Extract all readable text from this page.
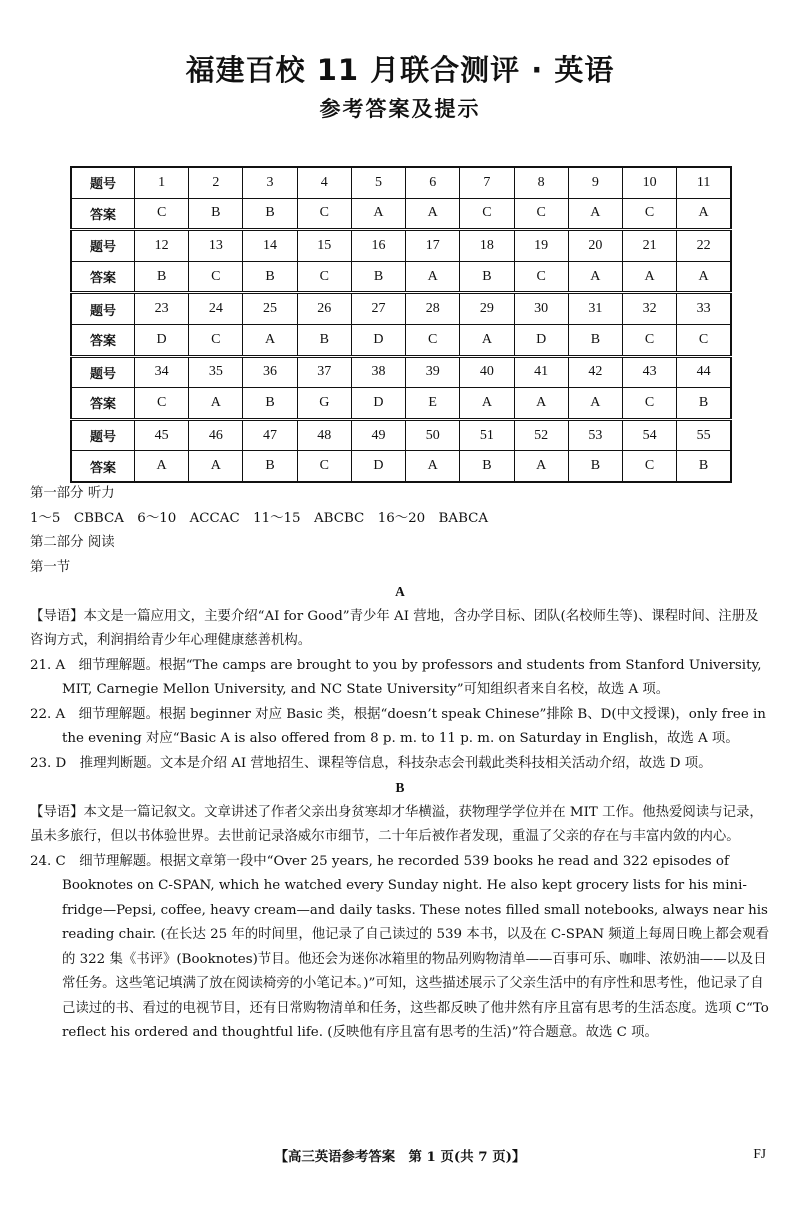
福建百校 11 月联合测评 · 英语
参考答案及提示
题号	1	2	3	4	5	6	7	8	9	10	11
答案	C	B	B	C	A	A	C	C	A	C	A
题号	12	13	14	15	16	17	18	19	20	21	22
答案	B	C	B	C	B	A	B	C	A	A	A
题号	23	24	25	26	27	28	29	30	31	32	33
答案	D	C	A	B	D	C	A	D	B	C	C
题号	34	35	36	37	38	39	40	41	42	43	44
答案	C	A	B	G	D	E	A	A	A	C	B
题号	45	46	47	48	49	50	51	52	53	54	55
答案	A	A	B	C	D	A	B	A	B	C	B

第一部分 听力

1～5　CBBCA　6～10　ACCAC　11～15　ABCBC　16～20　BABCA

第二部分 阅读

第一节

A

【导语】本文是一篇应用文，主要介绍“AI for Good”青少年 AI 营地，含办学目标、团队(名校师生等)、课程时间、注册及咨询方式，利润捐给青少年心理健康慈善机构。

21. A　细节理解题。根据“The camps are brought to you by professors and students from Stanford University, MIT, Carnegie Mellon University, and NC State University”可知组织者来自名校，故选 A 项。

22. A　细节理解题。根据 beginner 对应 Basic 类，根据“doesn’t speak Chinese”排除 B、D(中文授课)，only free in the evening 对应“Basic A is also offered from 8 p. m. to 11 p. m. on Saturday in English，故选 A 项。

23. D　推理判断题。文本是介绍 AI 营地招生、课程等信息，科技杂志会刊载此类科技相关活动介绍，故选 D 项。

B

【导语】本文是一篇记叙文。文章讲述了作者父亲出身贫寒却才华横溢，获物理学学位并在 MIT 工作。他热爱阅读与记录，虽未多旅行，但以书体验世界。去世前记录洛威尔市细节，二十年后被作者发现，重温了父亲的存在与丰富内敛的内心。

24. C　细节理解题。根据文章第一段中“Over 25 years, he recorded 539 books he read and 322 episodes of Booknotes on C-SPAN, which he watched every Sunday night. He also kept grocery lists for his mini-fridge—Pepsi, coffee, heavy cream—and daily tasks. These notes filled small notebooks, always near his reading chair. (在长达 25 年的时间里，他记录了自己读过的 539 本书，以及在 C-SPAN 频道上每周日晚上都会观看的 322 集《书评》(Booknotes)节目。他还会为迷你冰箱里的物品列购物清单——百事可乐、咖啡、浓奶油——以及日常任务。这些笔记填满了放在阅读椅旁的小笔记本。)”可知，这些描述展示了父亲生活中的有序性和思考性，他记录了自己读过的书、看过的电视节目，还有日常购物清单和任务，这些都反映了他井然有序且富有思考的生活态度。选项 C“To reflect his ordered and thoughtful life. (反映他有序且富有思考的生活)”符合题意。故选 C 项。

【高三英语参考答案　第 1 页(共 7 页)】	FJ
